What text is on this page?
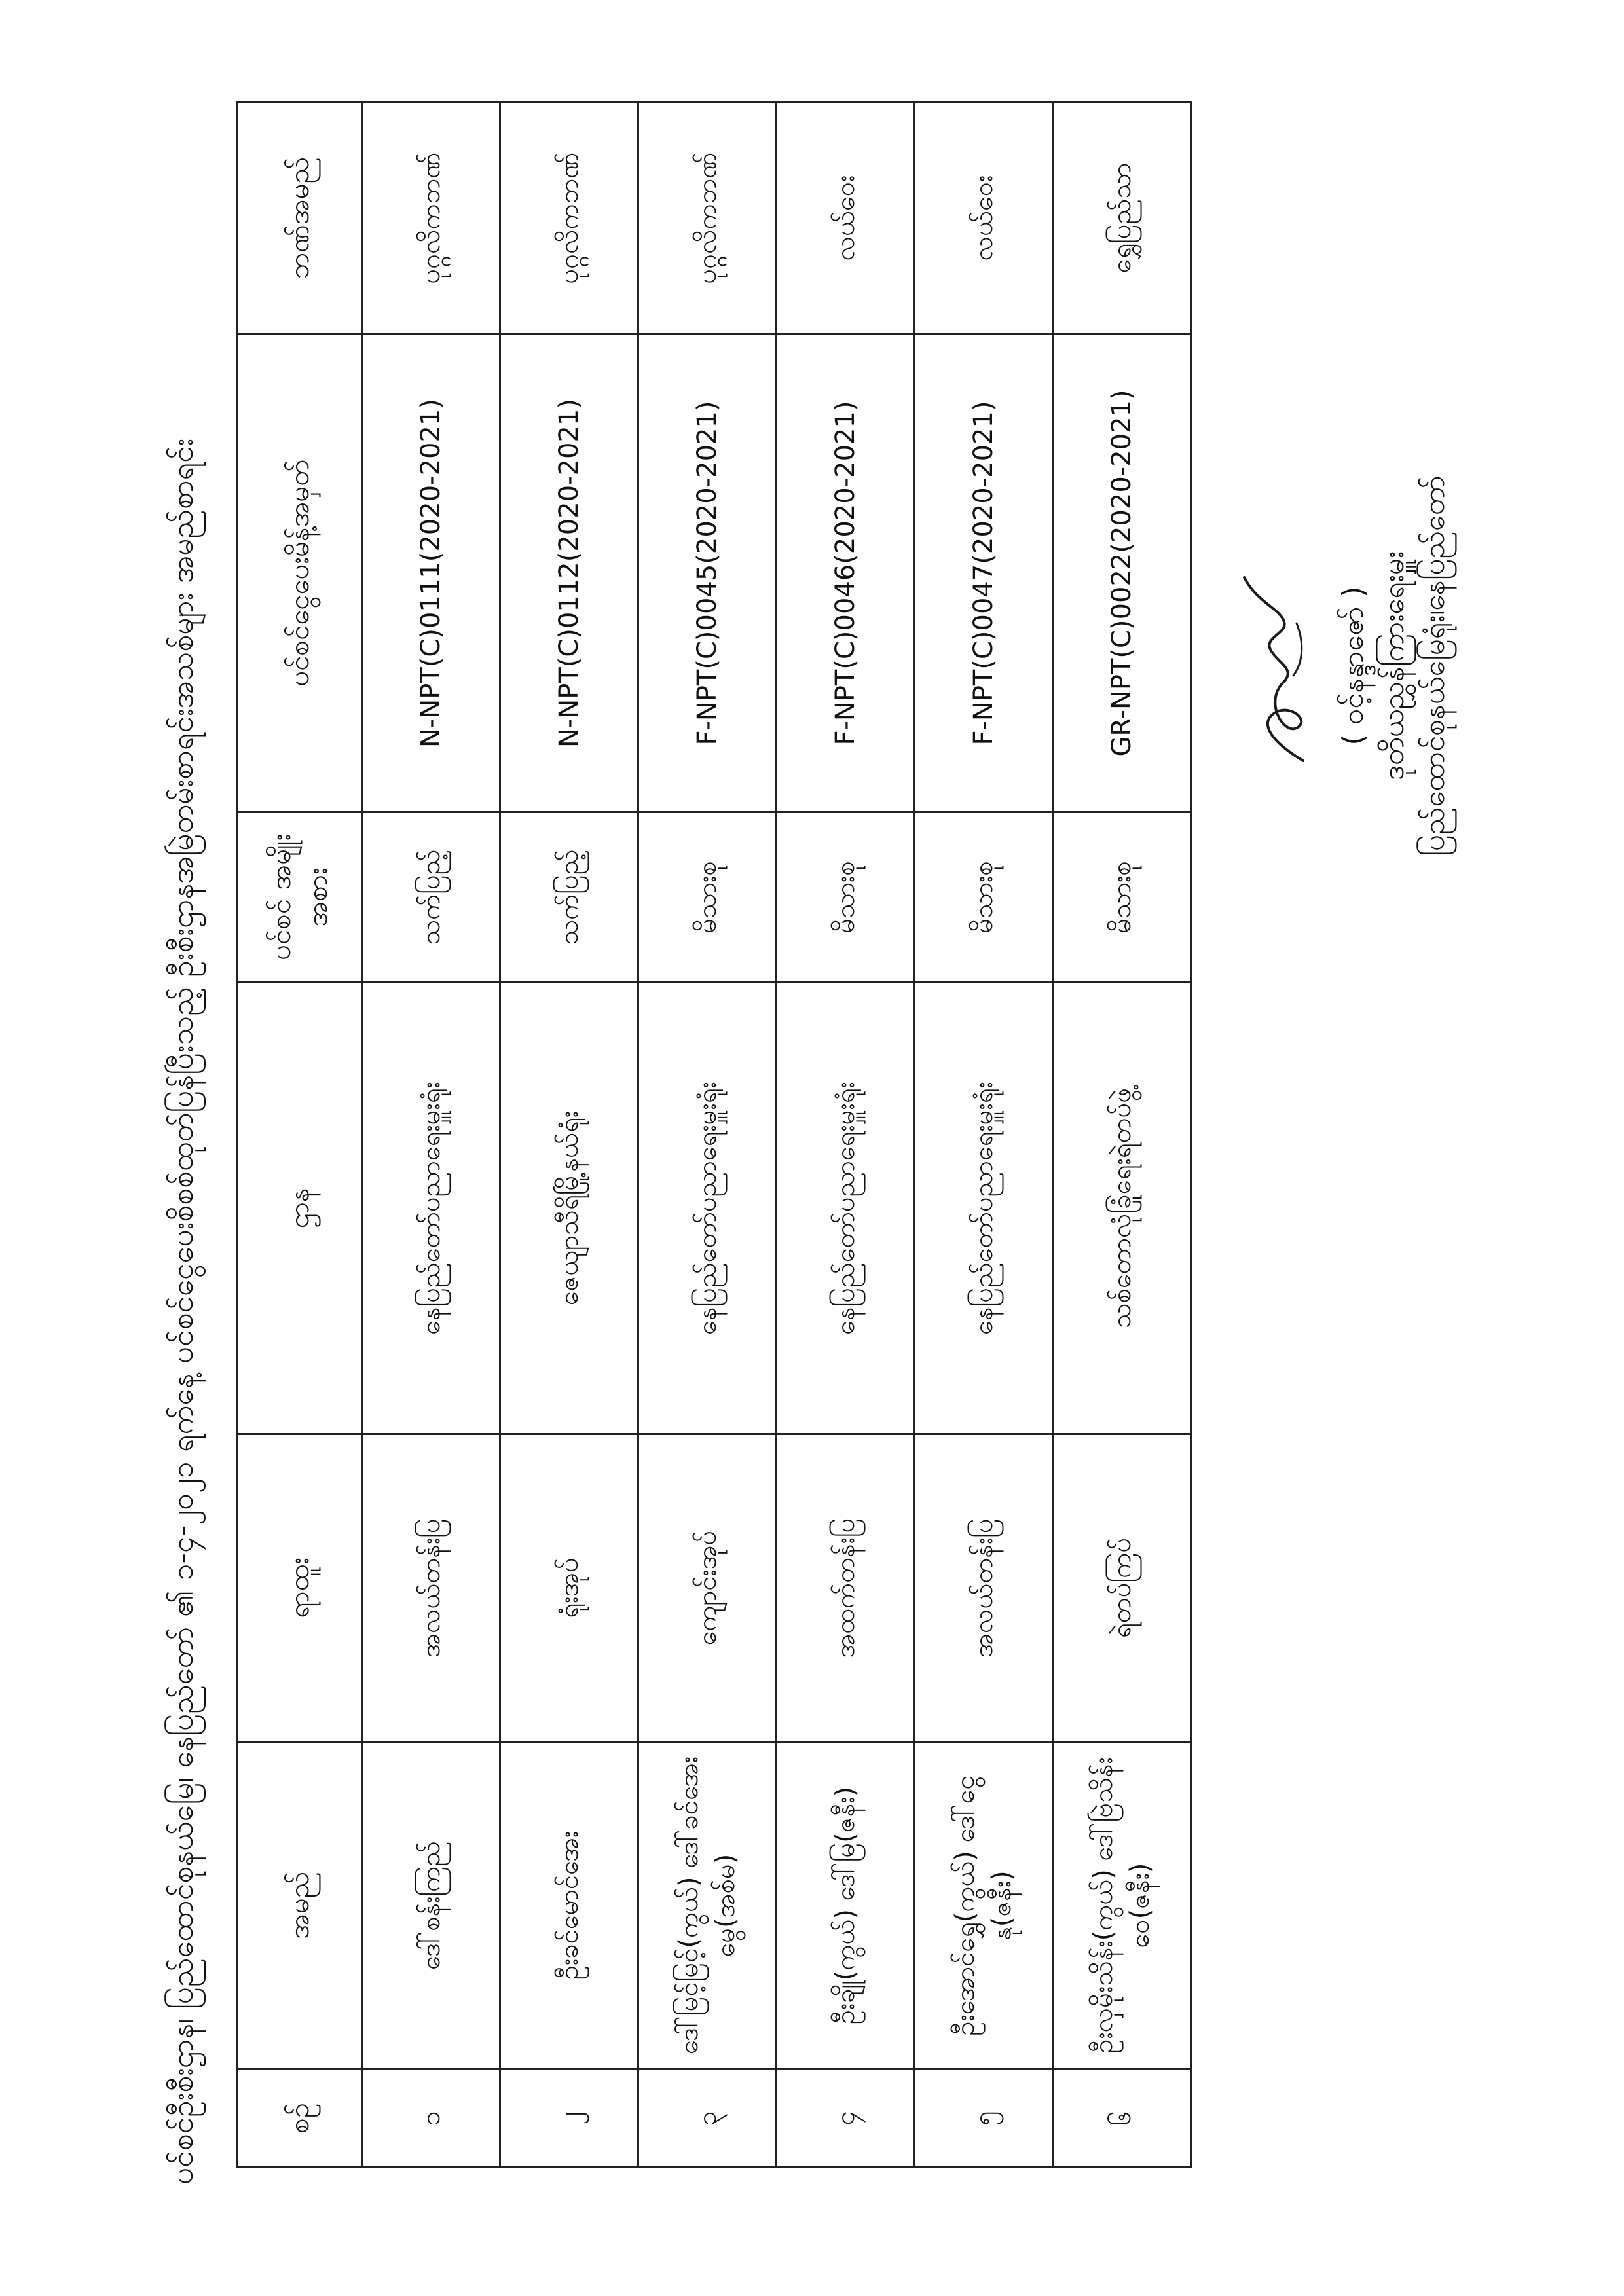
ပင်စင်ဦးစီးဌာန၊ ပြည်ထောင်စုနယ်မြေ၊ နေပြည်တော် ၏ ၁-၄-၂၀၂၁ ရက်နေ့ ပင်စင်ငွေပေးစိစစ်ထုတ်ပြန်ပြီးသည့် ဦးစီးဌာနအမြဲတမ်းစာရင်းအသစ်များ အမည်စာရင်း	စဉ်	အမည်	ရာထူး	ဌာန	ပင်စင် အမျိုးအစား	ပင်စင်ငွေပေးမိန့်အမှတ်	ဘဏ်အမည်
၁	ဒေါ်စန်းကြည်	အလယ်တန်းပြ	နေပြည်တော်ပညာရေးမှူးရုံး	သက်ပြည့်	N-NPT(C)0111(2020-2021)	ပုဂ္ဂလိကဘဏ်
၂	ဦးခင်မောင်အေး	ရုံးအုပ်	ဇေယျာသီရိမြို့နယ်ရုံး	သက်ပြည့်	N-NPT(C)0112(2020-2021)	ပုဂ္ဂလိကဘဏ်
၃	ဒေါ်မြင့်မြင့်(ကွယ်) ဒေါ်ခင်အေးမွေ(အစ်မ)	ကျောင်းအုပ်	နေပြည်တော်ပညာရေးမှူးရုံး	မိသားစု	F-NPT(C)0045(2020-2021)	ပုဂ္ဂလိကဘဏ်
၄	ဦးချို(ကွယ်) ဒေါ်မြ(ဇနီး)	အထက်တန်းပြ	နေပြည်တော်ပညာရေးမှူးရုံး	မိသားစု	F-NPT(C)0046(2020-2021)	လယ်ဝေး
၅	ဦးအောင်ရွှေ(ကွယ်) ဒေါ်ငွေနု(ဇနီး)	အလယ်တန်းပြ	နေပြည်တော်ပညာရေးမှူးရုံး	မိသားစု	F-NPT(C)0047(2020-2021)	လယ်ဝေး
၆	ဦးလှမိုးသိန်း(ကွယ်) ဒေါ်ဗြဲသိန်းဝေ(ဇနီး)	ရဲတပ်ကြပ်	သစ်တောလုံခြုံရေးရဲတပ်ဖွဲ့	မိသားစု	GR-NPT(C)0022(2020-2021)	ရွှေပြည်သာ
( ဝင့်နန္ဒာဇော် ) ဒုတိယညွှန်ကြားရေးမှူး ပြည်ထောင်စုနယ်မြေရုံး၊နေပြည်တော်
